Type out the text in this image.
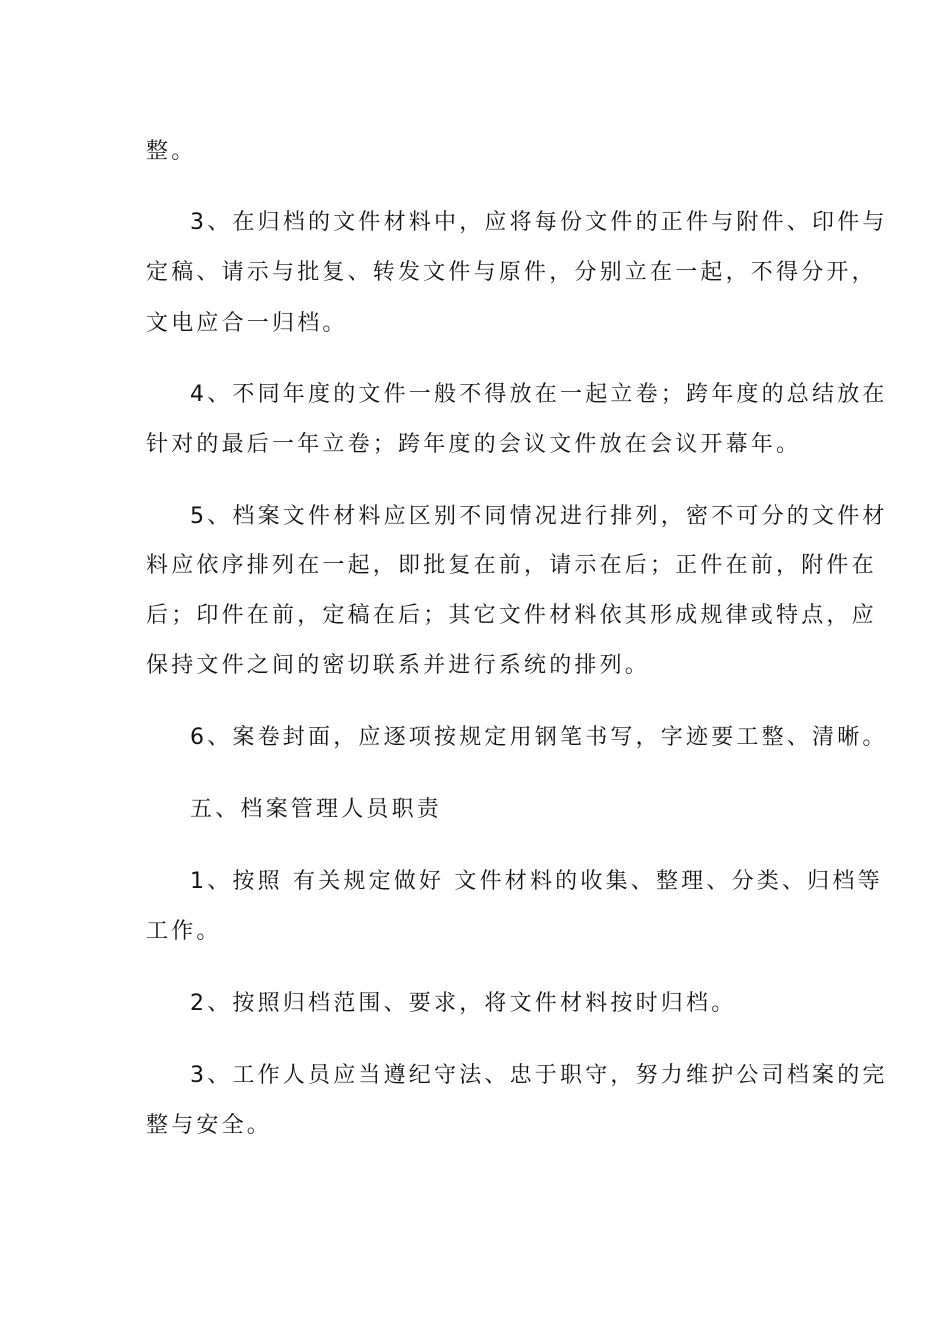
整。
3、在归档的文件材料中，应将每份文件的正件与附件、印件与
定稿、请示与批复、转发文件与原件，分别立在一起，不得分开，
文电应合一归档。
4、不同年度的文件一般不得放在一起立卷；跨年度的总结放在
针对的最后一年立卷；跨年度的会议文件放在会议开幕年。
5、档案文件材料应区别不同情况进行排列，密不可分的文件材
料应依序排列在一起，即批复在前，请示在后；正件在前，附件在
后；印件在前，定稿在后；其它文件材料依其形成规律或特点，应
保持文件之间的密切联系并进行系统的排列。
6、案卷封面，应逐项按规定用钢笔书写，字迹要工整、清晰。
五、档案管理人员职责
1、按照 有关规定做好 文件材料的收集、整理、分类、归档等
工作。
2、按照归档范围、要求，将文件材料按时归档。
3、工作人员应当遵纪守法、忠于职守，努力维护公司档案的完
整与安全。
